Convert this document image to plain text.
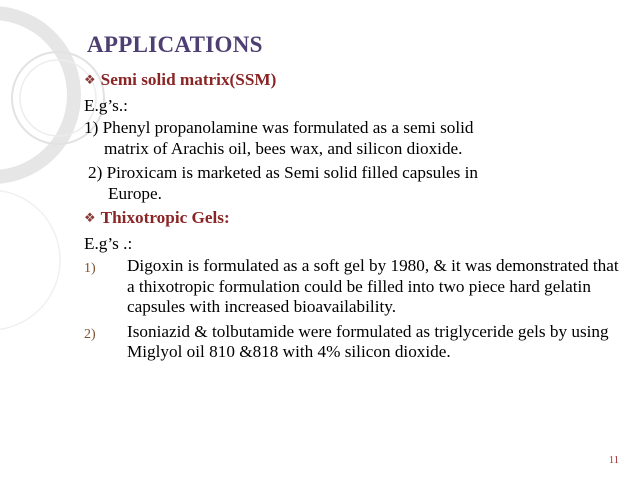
APPLICATIONS

❖ Semi solid matrix(SSM)

E.g’s.:

1) Phenyl propanolamine was formulated as a semi solid
matrix of Arachis oil, bees wax, and silicon dioxide.
2) Piroxicam is marketed as Semi solid filled capsules in
Europe.

❖ Thixotropic Gels:

E.g’s .:

1)	Digoxin is formulated as a soft gel by 1980, & it was demonstrated that a thixotropic formulation could be filled into two piece hard gelatin capsules with increased bioavailability.
2)	Isoniazid & tolbutamide were formulated as triglyceride gels by using Miglyol oil 810 &818 with 4% silicon dioxide.
11
